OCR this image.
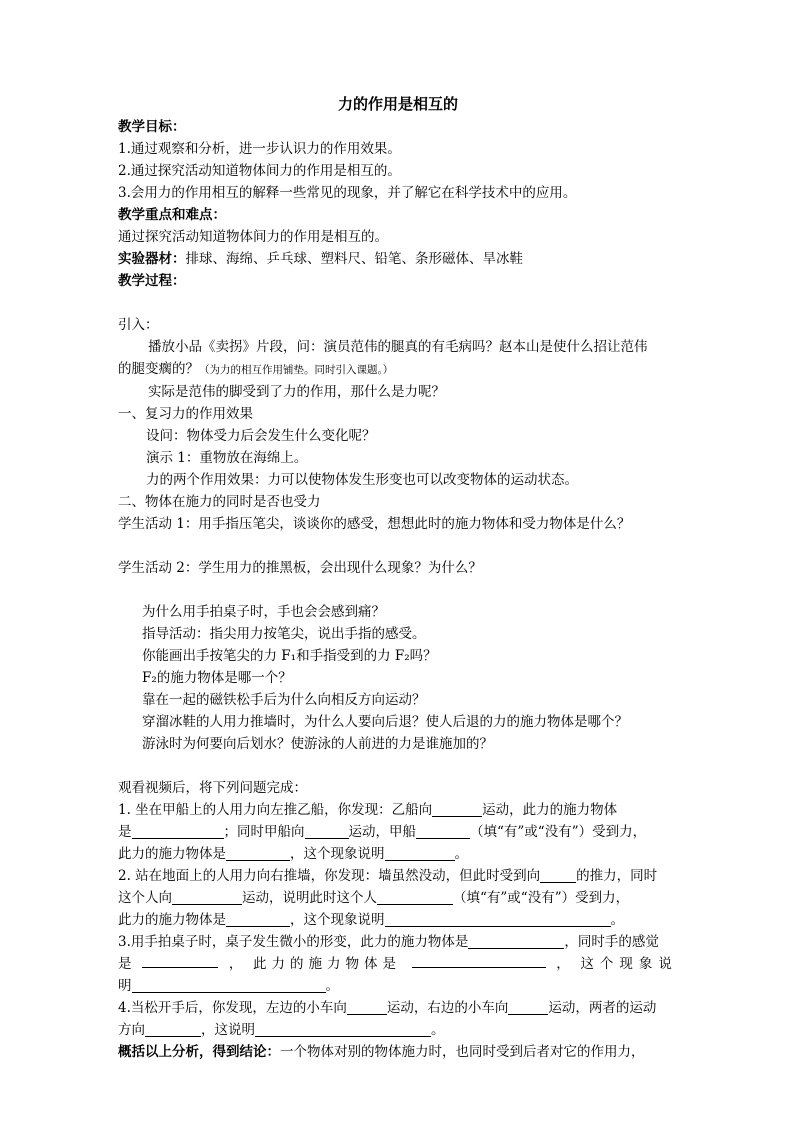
力的作用是相互的
教学目标：
1.通过观察和分析，进一步认识力的作用效果。
2.通过探究活动知道物体间力的作用是相互的。
3.会用力的作用相互的解释一些常见的现象，并了解它在科学技术中的应用。
教学重点和难点：
通过探究活动知道物体间力的作用是相互的。
实验器材：排球、海绵、乒乓球、塑料尺、铅笔、条形磁体、旱冰鞋
教学过程：
引入：
播放小品《卖拐》片段，问：演员范伟的腿真的有毛病吗？赵本山是使什么招让范伟
的腿变瘸的？（为力的相互作用铺垫。同时引入课题。）
实际是范伟的脚受到了力的作用，那什么是力呢？
一、复习力的作用效果
设问：物体受力后会发生什么变化呢？
演示 1：重物放在海绵上。
力的两个作用效果：力可以使物体发生形变也可以改变物体的运动状态。
二、物体在施力的同时是否也受力
学生活动 1：用手指压笔尖，谈谈你的感受，想想此时的施力物体和受力物体是什么？
学生活动 2：学生用力的推黑板，会出现什么现象？为什么？
为什么用手拍桌子时，手也会会感到痛？
指导活动：指尖用力按笔尖，说出手指的感受。
你能画出手按笔尖的力 F₁和手指受到的力 F₂吗？
F₂的施力物体是哪一个？
靠在一起的磁铁松手后为什么向相反方向运动？
穿溜冰鞋的人用力推墙时，为什么人要向后退？使人后退的力的施力物体是哪个？
游泳时为何要向后划水？使游泳的人前进的力是谁施加的？
观看视频后，将下列问题完成：
1. 坐在甲船上的人用力向左推乙船，你发现：乙船向	运动，此力的施力物体
是	；同时甲船向	运动，甲船	（填“有”或“没有”）受到力，
此力的施力物体是	，这个现象说明	。
2. 站在地面上的人用力向右推墙，你发现：墙虽然没动，但此时受到向	的推力，同时
这个人向	运动，说明此时这个人	（填“有”或“没有”）受到力，
此力的施力物体是	，这个现象说明	。
3.用手拍桌子时，桌子发生微小的形变，此力的施力物体是	，同时手的感觉
是	， 此力的施力物体是	， 这个现象说
明	。
4.当松开手后，你发现，左边的小车向	运动，右边的小车向	运动，两者的运动
方向	，这说明	。
概括以上分析，得到结论：一个物体对别的物体施力时，也同时受到后者对它的作用力，
